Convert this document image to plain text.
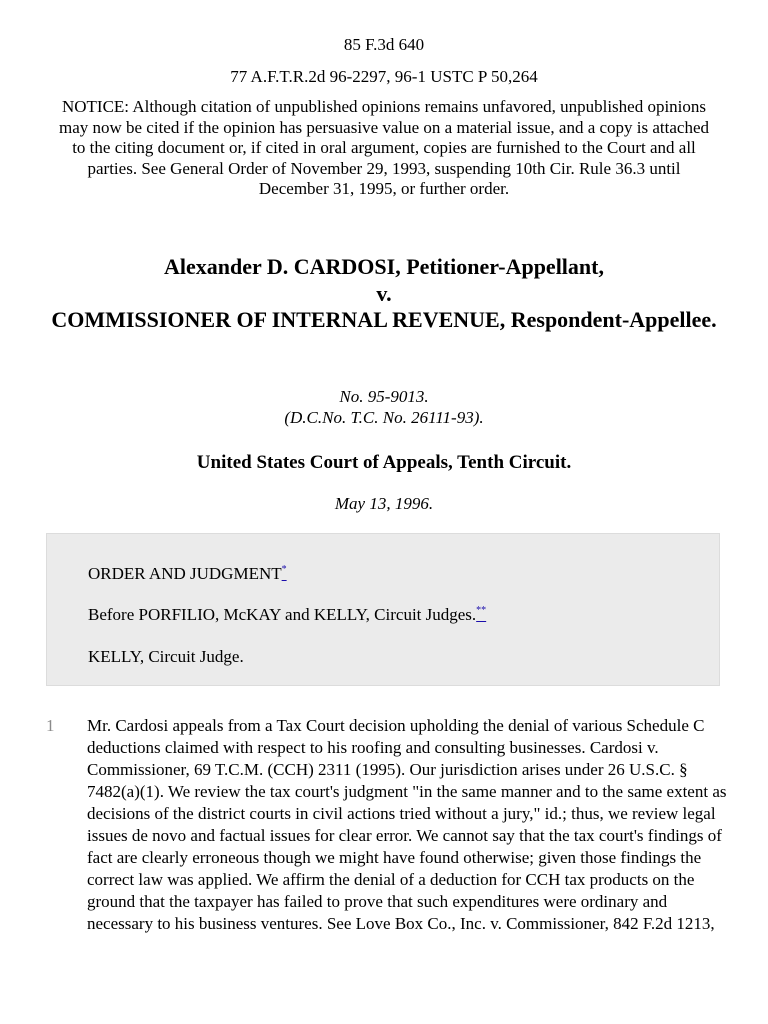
85 F.3d 640
77 A.F.T.R.2d 96-2297, 96-1 USTC P 50,264
NOTICE: Although citation of unpublished opinions remains unfavored, unpublished opinions may now be cited if the opinion has persuasive value on a material issue, and a copy is attached to the citing document or, if cited in oral argument, copies are furnished to the Court and all parties. See General Order of November 29, 1993, suspending 10th Cir. Rule 36.3 until December 31, 1995, or further order.
Alexander D. CARDOSI, Petitioner-Appellant,
v.
COMMISSIONER OF INTERNAL REVENUE, Respondent-Appellee.
No. 95-9013.
(D.C.No. T.C. No. 26111-93).
United States Court of Appeals, Tenth Circuit.
May 13, 1996.
ORDER AND JUDGMENT*
Before PORFILIO, McKAY and KELLY, Circuit Judges.**
KELLY, Circuit Judge.
1 Mr. Cardosi appeals from a Tax Court decision upholding the denial of various Schedule C deductions claimed with respect to his roofing and consulting businesses. Cardosi v. Commissioner, 69 T.C.M. (CCH) 2311 (1995). Our jurisdiction arises under 26 U.S.C. § 7482(a)(1). We review the tax court's judgment "in the same manner and to the same extent as decisions of the district courts in civil actions tried without a jury," id.; thus, we review legal issues de novo and factual issues for clear error. We cannot say that the tax court's findings of fact are clearly erroneous though we might have found otherwise; given those findings the correct law was applied. We affirm the denial of a deduction for CCH tax products on the ground that the taxpayer has failed to prove that such expenditures were ordinary and necessary to his business ventures. See Love Box Co., Inc. v. Commissioner, 842 F.2d 1213,
